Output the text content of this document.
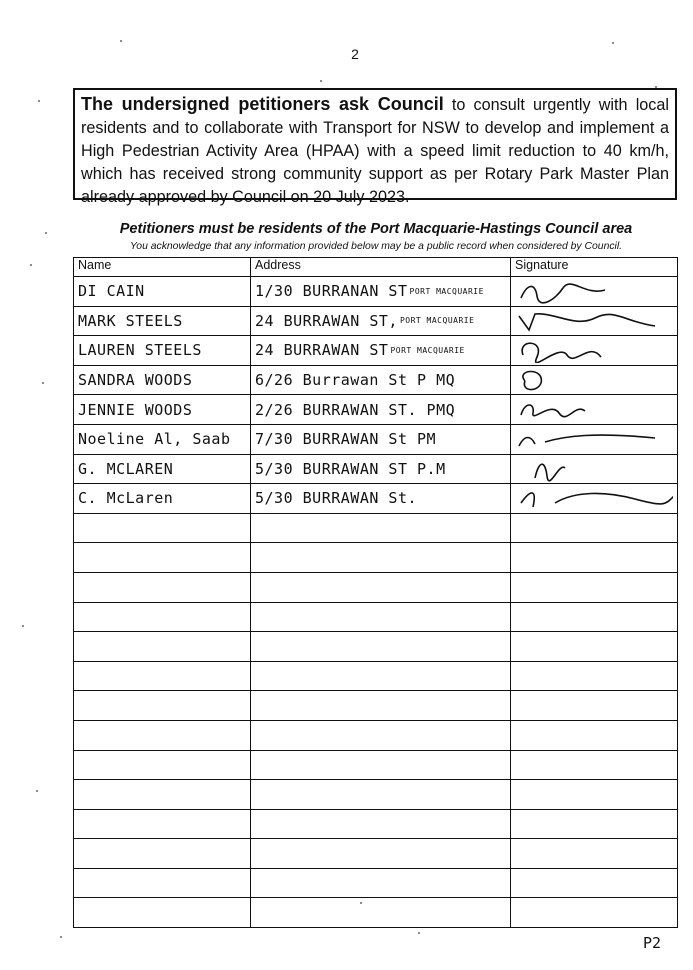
2
The undersigned petitioners ask Council to consult urgently with local residents and to collaborate with Transport for NSW to develop and implement a High Pedestrian Activity Area (HPAA) with a speed limit reduction to 40 km/h, which has received strong community support as per Rotary Park Master Plan already approved by Council on 20 July 2023.
Petitioners must be residents of the Port Macquarie-Hastings Council area
You acknowledge that any information provided below may be a public record when considered by Council.
Name	Address	Signature
DI CAIN	1/30 BURRANAN ST PORT MACQUARIE	

MARK STEELS	24 BURRAWAN ST, PORT MACQUARIE	

LAUREN STEELS	24 BURRAWAN ST PORT MACQUARIE	

SANDRA WOODS	6/26 Burrawan St P MQ	

JENNIE WOODS	2/26 BURRAWAN ST. PMQ	

Noeline Al, Saab	7/30 BURRAWAN St PM	

G. MCLAREN	5/30 BURRAWAN ST P.M	

C. McLaren	5/30 BURRAWAN St.	

P2
